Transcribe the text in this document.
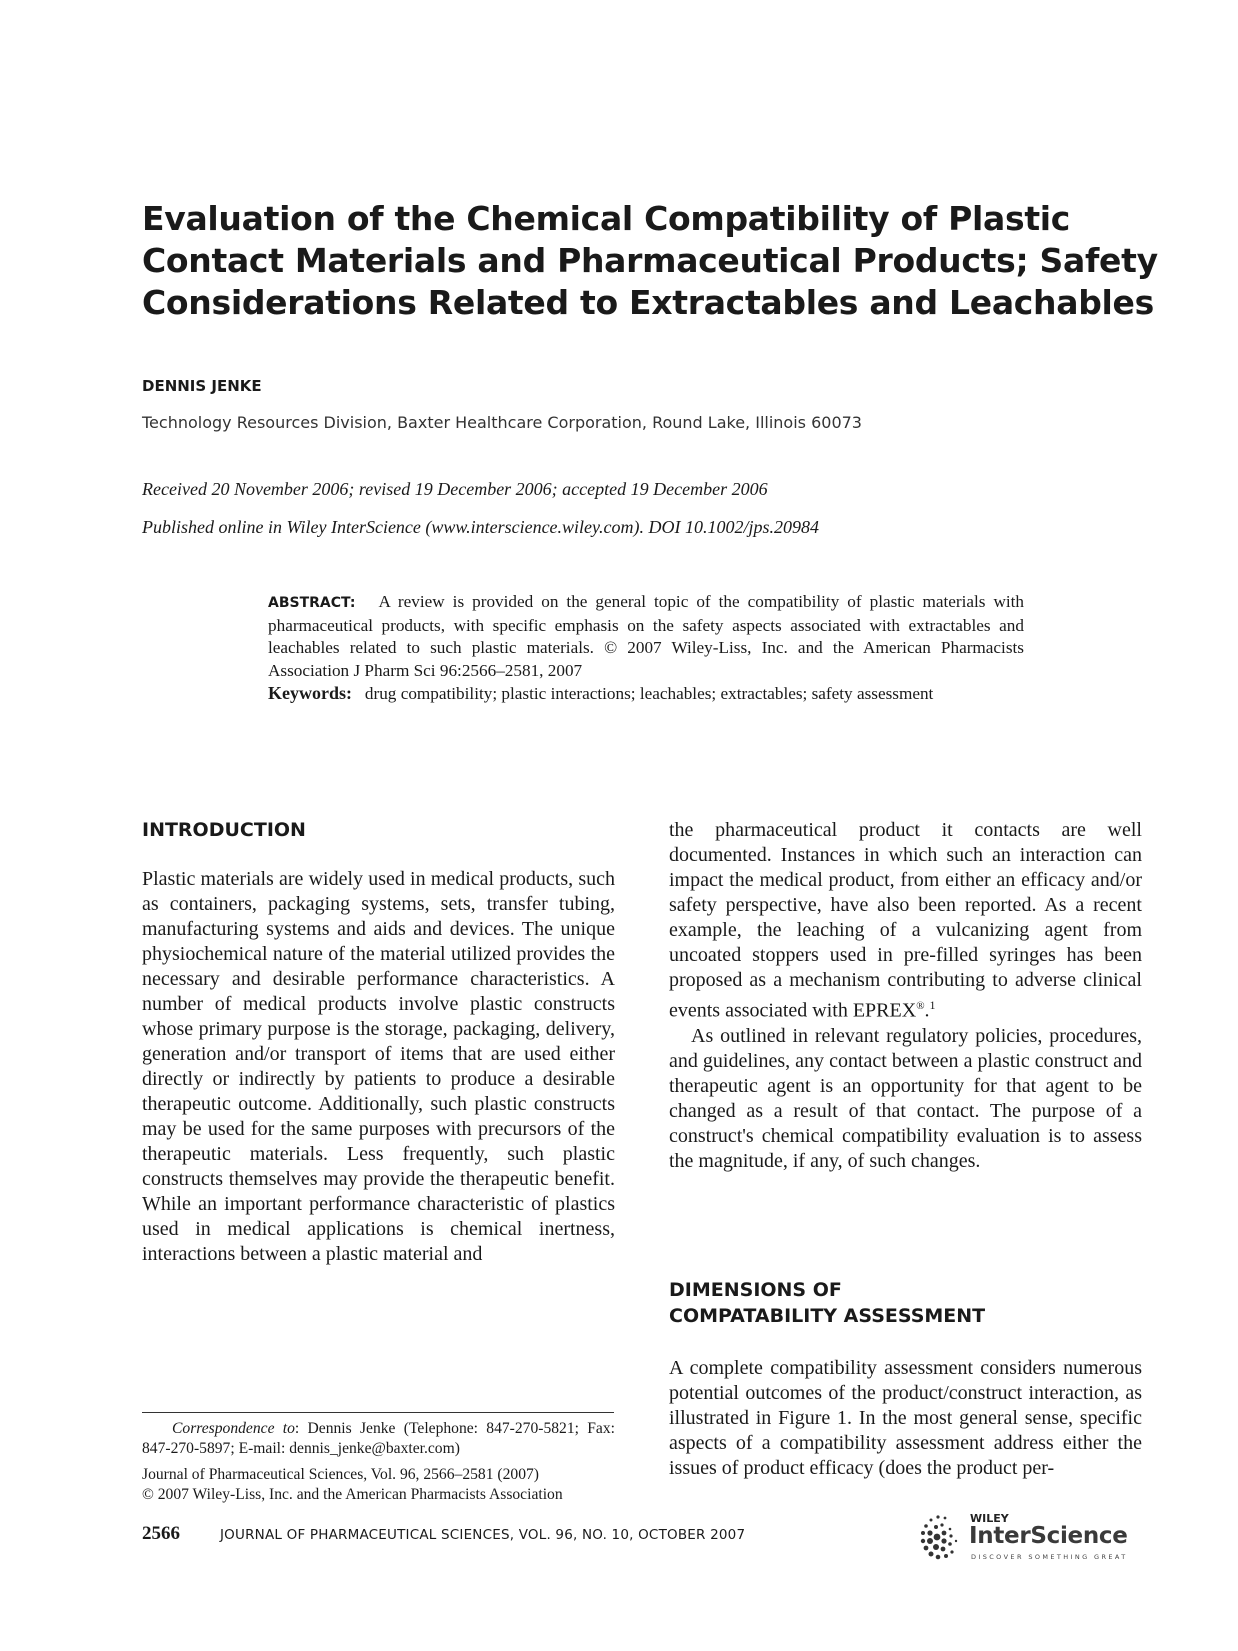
Evaluation of the Chemical Compatibility of Plastic
Contact Materials and Pharmaceutical Products; Safety
Considerations Related to Extractables and Leachables
DENNIS JENKE
Technology Resources Division, Baxter Healthcare Corporation, Round Lake, Illinois 60073
Received 20 November 2006; revised 19 December 2006; accepted 19 December 2006
Published online in Wiley InterScience (www.interscience.wiley.com). DOI 10.1002/jps.20984
ABSTRACT: A review is provided on the general topic of the compatibility of plastic materials with pharmaceutical products, with specific emphasis on the safety aspects associated with extractables and leachables related to such plastic materials. © 2007 Wiley-Liss, Inc. and the American Pharmacists Association J Pharm Sci 96:2566–2581, 2007
Keywords: drug compatibility; plastic interactions; leachables; extractables; safety assessment
INTRODUCTION

Plastic materials are widely used in medical products, such as containers, packaging systems, sets, transfer tubing, manufacturing systems and aids and devices. The unique physiochemical nature of the material utilized provides the necessary and desirable performance characteristics. A number of medical products involve plastic constructs whose primary purpose is the storage, packaging, delivery, generation and/or transport of items that are used either directly or indirectly by patients to produce a desirable therapeutic outcome. Additionally, such plastic constructs may be used for the same purposes with precursors of the therapeutic materials. Less frequently, such plastic constructs themselves may provide the therapeutic benefit. While an important performance characteristic of plastics used in medical applications is chemical inertness, interactions between a plastic material and

the pharmaceutical product it contacts are well documented. Instances in which such an interaction can impact the medical product, from either an efficacy and/or safety perspective, have also been reported. As a recent example, the leaching of a vulcanizing agent from uncoated stoppers used in pre-filled syringes has been proposed as a mechanism contributing to adverse clinical events associated with EPREX®.$^1$

As outlined in relevant regulatory policies, procedures, and guidelines, any contact between a plastic construct and therapeutic agent is an opportunity for that agent to be changed as a result of that contact. The purpose of a construct's chemical compatibility evaluation is to assess the magnitude, if any, of such changes.

DIMENSIONS OF
COMPATABILITY ASSESSMENT

A complete compatibility assessment considers numerous potential outcomes of the product/construct interaction, as illustrated in Figure 1. In the most general sense, specific aspects of a compatibility assessment address either the issues of product efficacy (does the product per-

Correspondence to: Dennis Jenke (Telephone: 847-270-5821; Fax: 847-270-5897; E-mail: dennis_jenke@baxter.com)

Journal of Pharmaceutical Sciences, Vol. 96, 2566–2581 (2007)

© 2007 Wiley-Liss, Inc. and the American Pharmacists Association

2566	JOURNAL OF PHARMACEUTICAL SCIENCES, VOL. 96, NO. 10, OCTOBER 2007
WILEY
InterScience
DISCOVER SOMETHING GREAT
